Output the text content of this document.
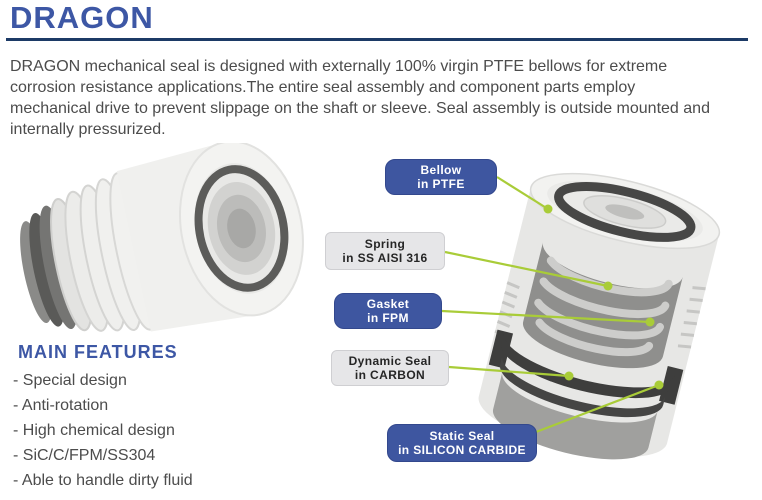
DRAGON
DRAGON mechanical seal is designed with externally 100% virgin PTFE bellows for extreme
corrosion resistance applications.The entire seal assembly and component parts employ
mechanical drive to prevent slippage on the shaft or sleeve. Seal assembly is outside mounted and
internally pressurized.
MAIN FEATURES
- Special design
- Anti-rotation
- High chemical design
- SiC/C/FPM/SS304
- Able to handle dirty fluid
Bellow
in PTFE
Spring
in SS AISI 316
Gasket
in FPM
Dynamic Seal
in CARBON
Static Seal
in SILICON CARBIDE
